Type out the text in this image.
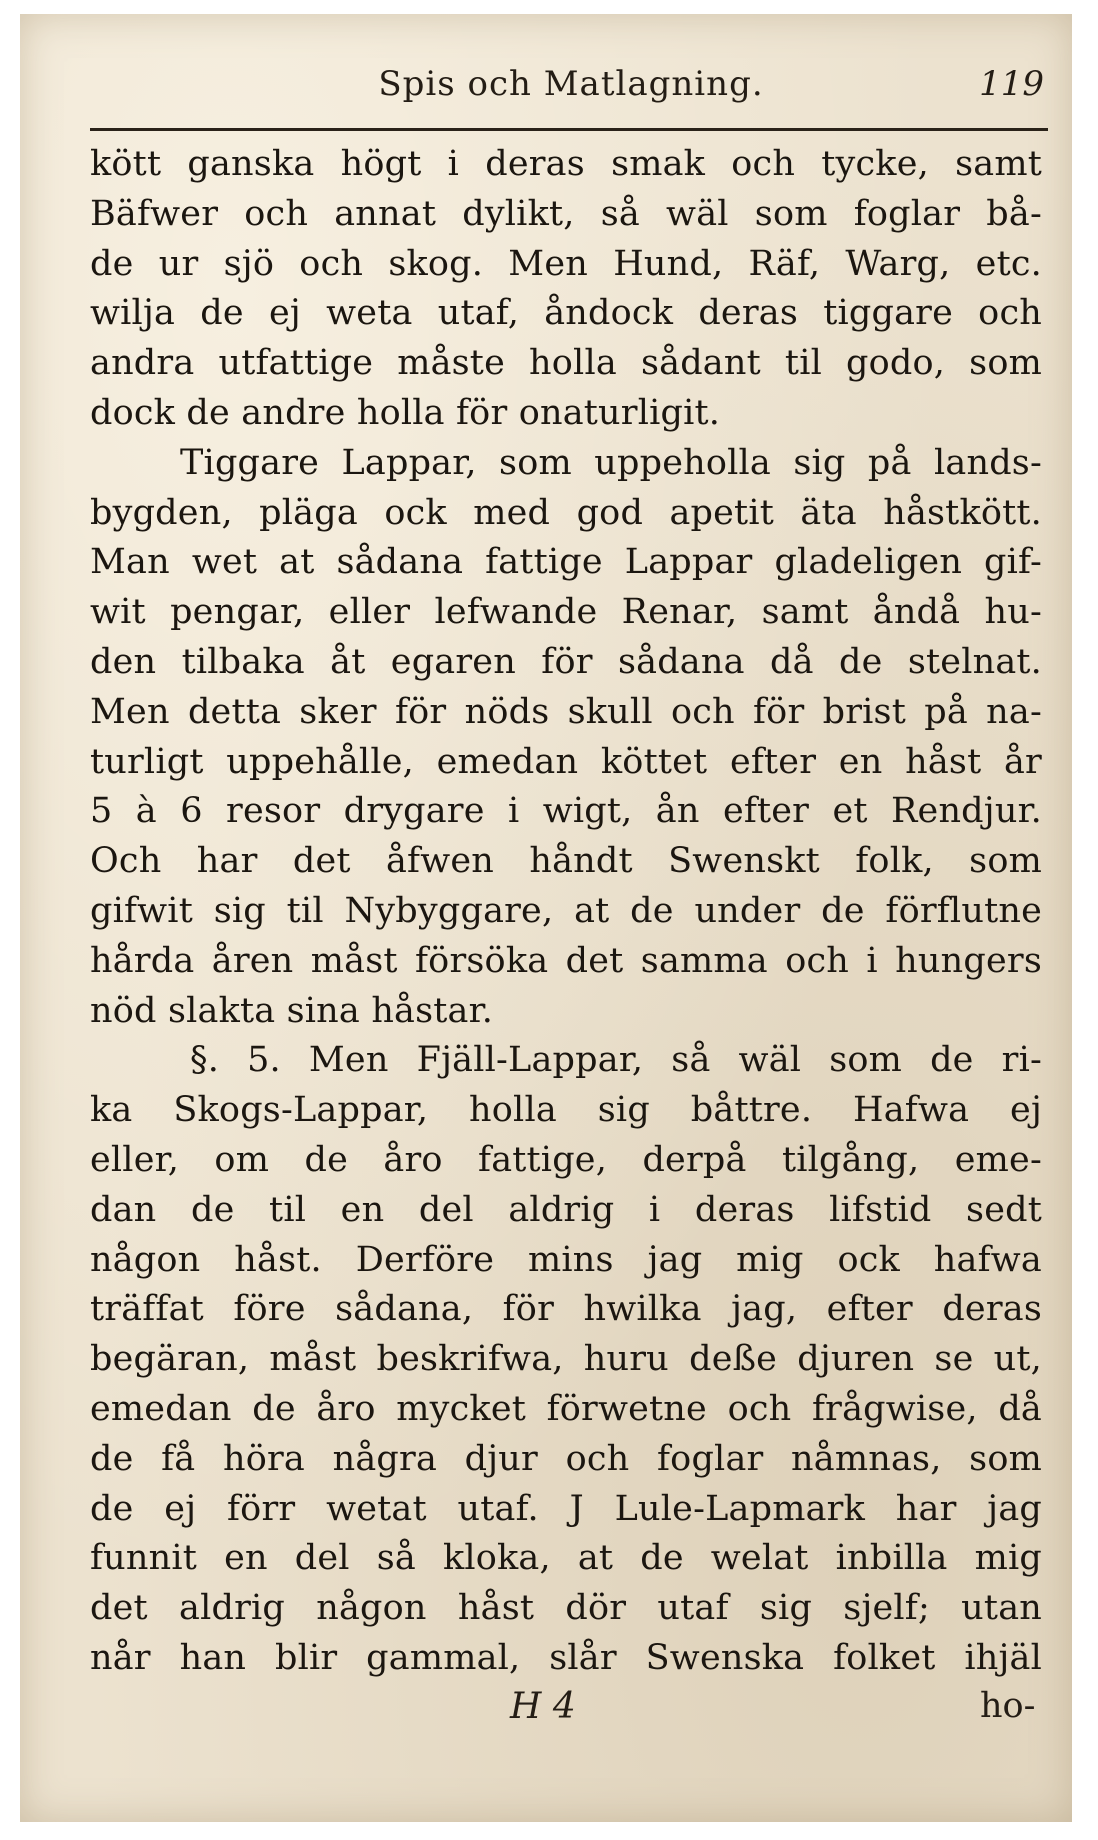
Spis och Matlagning.	119
kött ganska högt i deras smak och tycke, samt
Bäfwer och annat dylikt, så wäl som foglar bå-
de ur sjö och skog. Men Hund, Räf, Warg, etc.
wilja de ej weta utaf, åndock deras tiggare och
andra utfattige måste holla sådant til godo, som
dock de andre holla för onaturligit.
Tiggare Lappar, som uppeholla sig på lands-
bygden, pläga ock med god apetit äta håstkött.
Man wet at sådana fattige Lappar gladeligen gif-
wit pengar, eller lefwande Renar, samt åndå hu-
den tilbaka åt egaren för sådana då de stelnat.
Men detta sker för nöds skull och för brist på na-
turligt uppehålle, emedan köttet efter en håst år
5 à 6 resor drygare i wigt, ån efter et Rendjur.
Och har det åfwen håndt Swenskt folk, som
gifwit sig til Nybyggare, at de under de förflutne
hårda åren måst försöka det samma och i hungers
nöd slakta sina håstar.
§. 5. Men Fjäll-Lappar, så wäl som de ri-
ka Skogs-Lappar, holla sig båttre. Hafwa ej
eller, om de åro fattige, derpå tilgång, eme-
dan de til en del aldrig i deras lifstid sedt
någon håst. Derföre mins jag mig ock hafwa
träffat före sådana, för hwilka jag, efter deras
begäran, måst beskrifwa, huru deße djuren se ut,
emedan de åro mycket förwetne och frågwise, då
de få höra några djur och foglar nåmnas, som
de ej förr wetat utaf. J Lule-Lapmark har jag
funnit en del så kloka, at de welat inbilla mig
det aldrig någon håst dör utaf sig sjelf; utan
når han blir gammal, slår Swenska folket ihjäl
H 4	ho-
